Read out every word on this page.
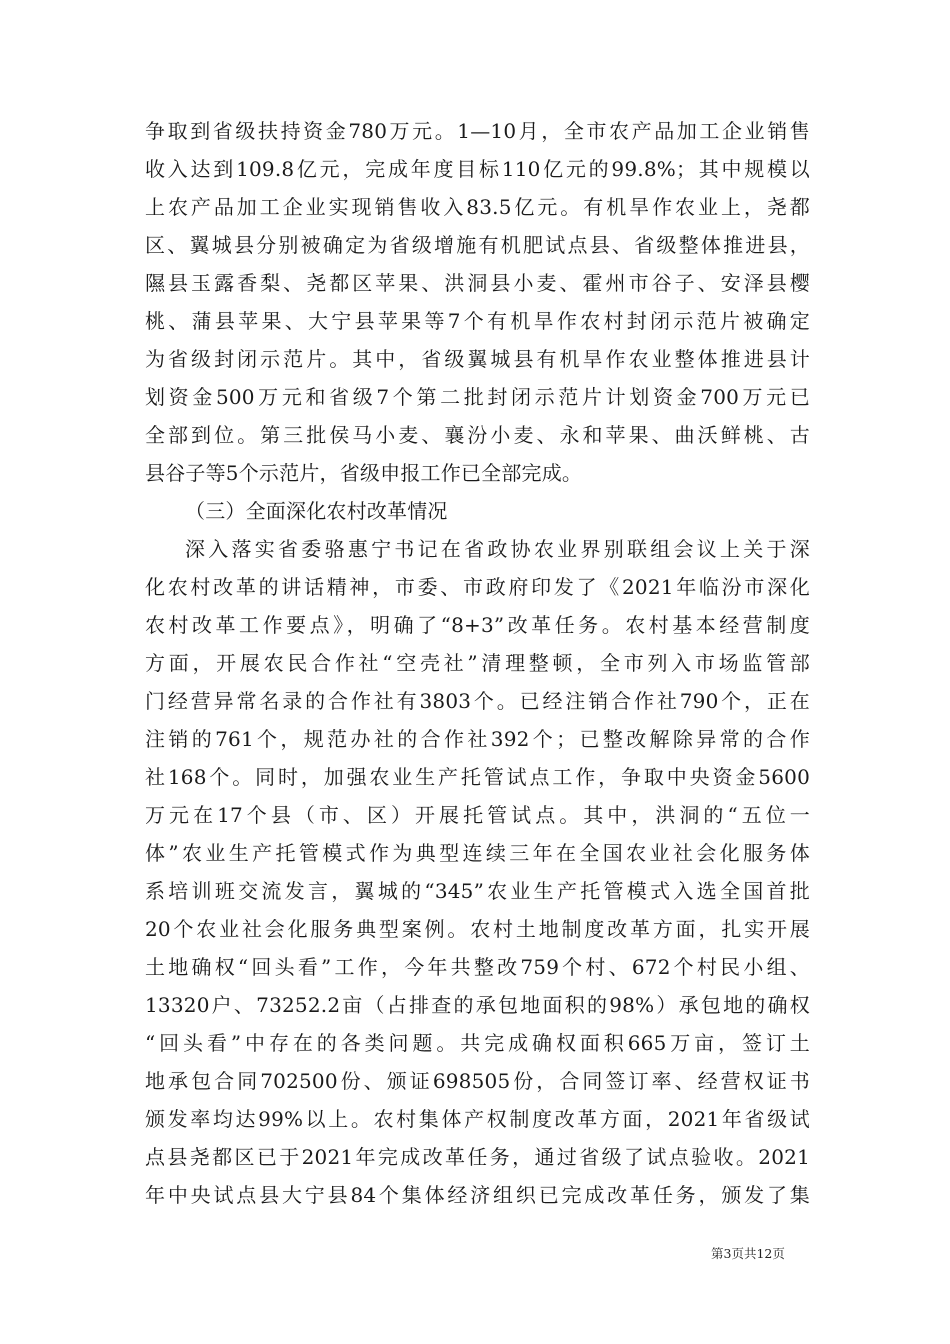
争取到省级扶持资金780万元。1—10月，全市农产品加工企业销售
收入达到109.8亿元，完成年度目标110亿元的99.8%；其中规模以
上农产品加工企业实现销售收入83.5亿元。有机旱作农业上，尧都
区、翼城县分别被确定为省级增施有机肥试点县、省级整体推进县，
隰县玉露香梨、尧都区苹果、洪洞县小麦、霍州市谷子、安泽县樱
桃、蒲县苹果、大宁县苹果等7个有机旱作农村封闭示范片被确定
为省级封闭示范片。其中，省级翼城县有机旱作农业整体推进县计
划资金500万元和省级7个第二批封闭示范片计划资金700万元已
全部到位。第三批侯马小麦、襄汾小麦、永和苹果、曲沃鲜桃、古
县谷子等5个示范片，省级申报工作已全部完成。
（三）全面深化农村改革情况
深入落实省委骆惠宁书记在省政协农业界别联组会议上关于深
化农村改革的讲话精神，市委、市政府印发了《2021年临汾市深化
农村改革工作要点》，明确了“8+3”改革任务。农村基本经营制度
方面，开展农民合作社“空壳社”清理整顿，全市列入市场监管部
门经营异常名录的合作社有3803个。已经注销合作社790个，正在
注销的761个，规范办社的合作社392个；已整改解除异常的合作
社168个。同时，加强农业生产托管试点工作，争取中央资金5600
万元在17个县（市、区）开展托管试点。其中，洪洞的“五位一
体”农业生产托管模式作为典型连续三年在全国农业社会化服务体
系培训班交流发言，翼城的“345”农业生产托管模式入选全国首批
20个农业社会化服务典型案例。农村土地制度改革方面，扎实开展
土地确权“回头看”工作，今年共整改759个村、672个村民小组、
13320户、73252.2亩（占排查的承包地面积的98%）承包地的确权
“回头看”中存在的各类问题。共完成确权面积665万亩，签订土
地承包合同702500份、颁证698505份，合同签订率、经营权证书
颁发率均达99%以上。农村集体产权制度改革方面，2021年省级试
点县尧都区已于2021年完成改革任务，通过省级了试点验收。2021
年中央试点县大宁县84个集体经济组织已完成改革任务，颁发了集
第3页共12页
